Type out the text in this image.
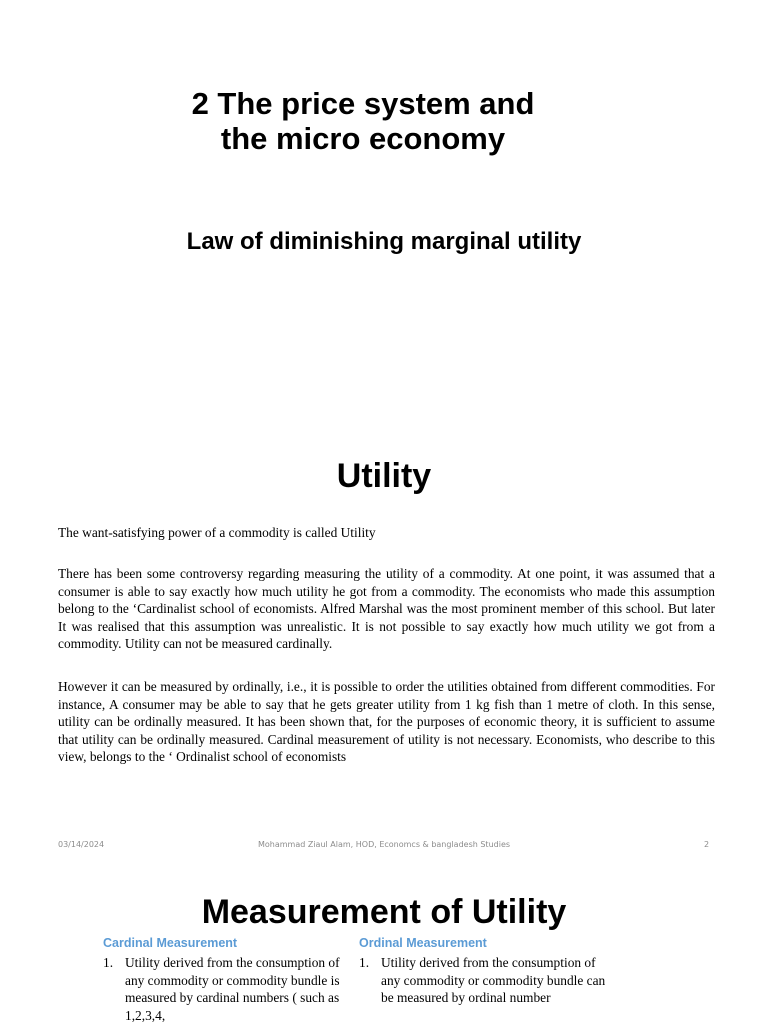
2 The price system and
the micro economy
Law of diminishing marginal utility
Utility

The want-satisfying power of a commodity is called Utility

There has been some controversy regarding measuring the utility of a commodity. At one point, it was assumed that a consumer is able to say exactly how much utility he got from a commodity. The economists who made this assumption belong to the ‘Cardinalist school of economists. Alfred Marshal was the most prominent member of this school. But later It was realised that this assumption was unrealistic. It is not possible to say exactly how much utility we got from a commodity. Utility can not be measured cardinally.

However it can be measured by ordinally, i.e., it is possible to order the utilities obtained from different commodities. For instance, A consumer may be able to say that he gets greater utility from 1 kg fish than 1 metre of cloth. In this sense, utility can be ordinally measured. It has been shown that, for the purposes of economic theory, it is sufficient to assume that utility can be ordinally measured. Cardinal measurement of utility is not necessary. Economists, who describe to this view, belongs to the ‘ Ordinalist school of economists

03/14/2024	Mohammad Ziaul Alam, HOD, Economcs & bangladesh Studies	2
Measurement of Utility
Cardinal Measurement
1. Utility derived from the consumption of any commodity or commodity bundle is measured by cardinal numbers ( such as 1,2,3,4,
Ordinal Measurement
1. Utility derived from the consumption of any commodity or commodity bundle can be measured by ordinal number
